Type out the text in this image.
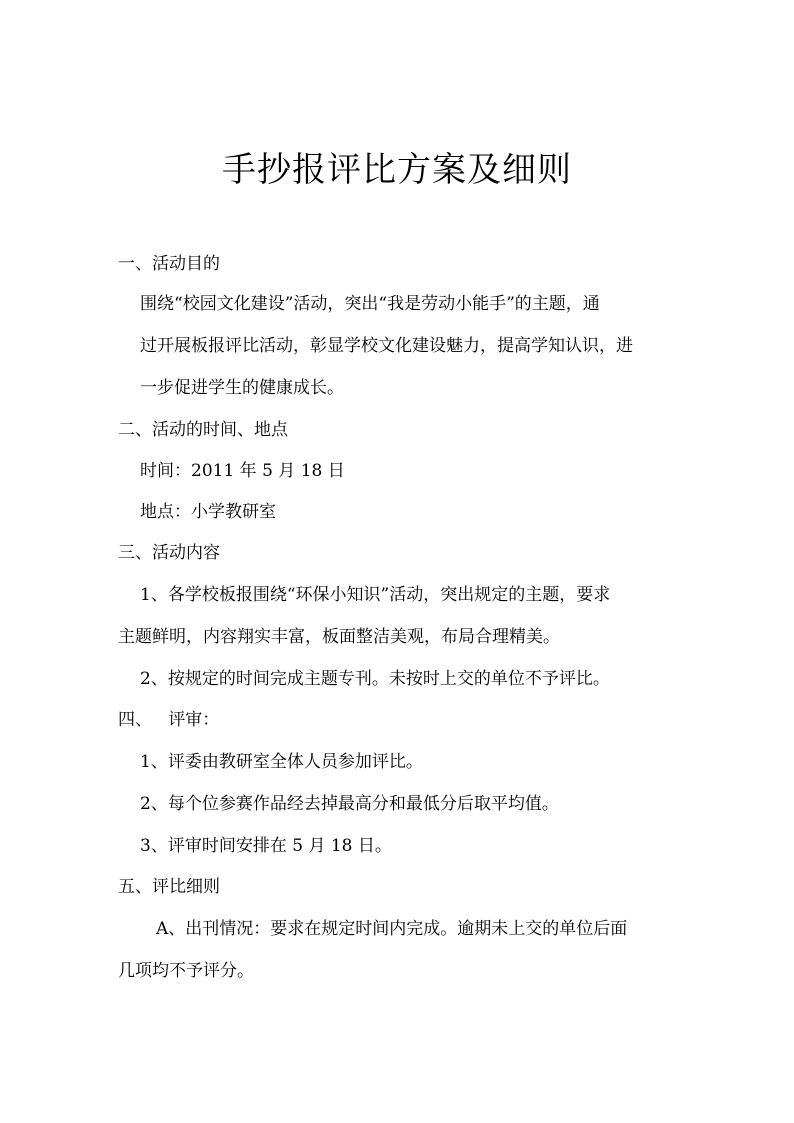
手抄报评比方案及细则
一、活动目的
围绕“校园文化建设”活动，突出“我是劳动小能手”的主题，通
过开展板报评比活动，彰显学校文化建设魅力，提高学知认识，进
一步促进学生的健康成长。
二、活动的时间、地点
时间：2011 年 5 月 18 日
地点：小学教研室
三、活动内容
1、各学校板报围绕“环保小知识”活动，突出规定的主题，要求
主题鲜明，内容翔实丰富，板面整洁美观，布局合理精美。
2、按规定的时间完成主题专刊。未按时上交的单位不予评比。
四、   评审：
1、评委由教研室全体人员参加评比。
2、每个位参赛作品经去掉最高分和最低分后取平均值。
3、评审时间安排在 5 月 18 日。
五、评比细则
A、出刊情况：要求在规定时间内完成。逾期未上交的单位后面
几项均不予评分。
